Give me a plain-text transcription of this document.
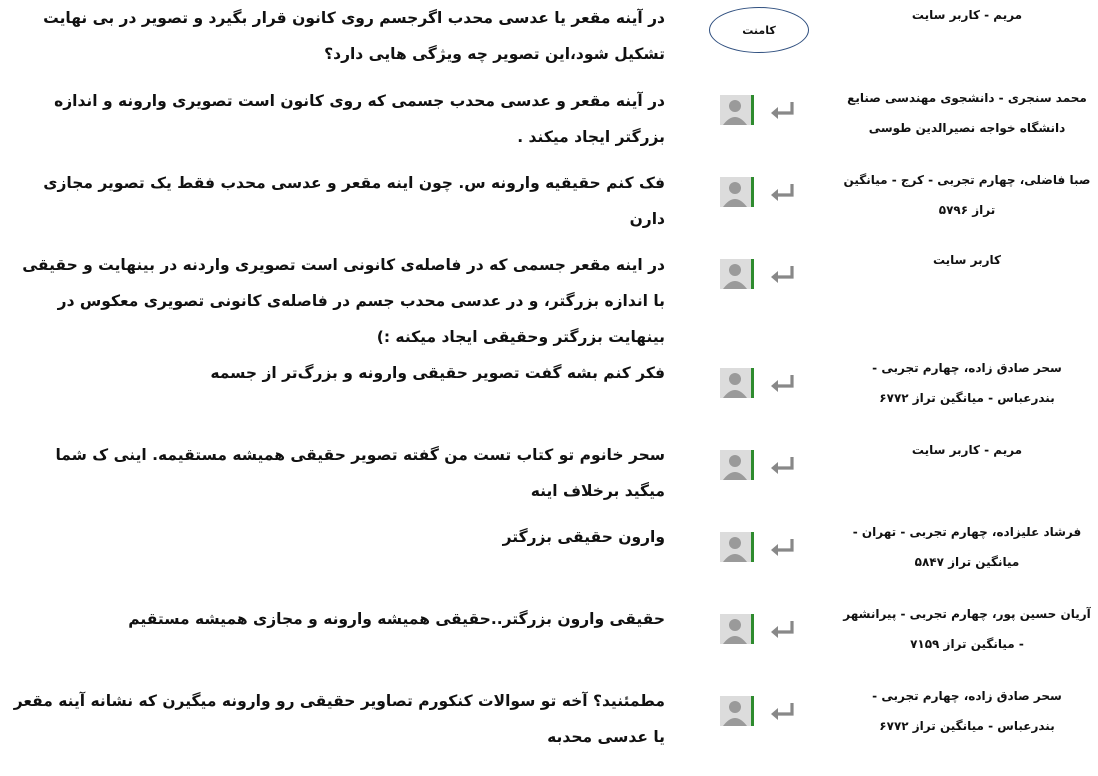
در آینه مقعر یا عدسی محدب اگرجسم روی کانون قرار بگیرد و تصویر در بی نهایت تشکیل شود،این تصویر چه ویژگی هایی دارد؟
کامنت
مریم - کاربر سایت
در آینه مقعر و عدسی محدب جسمی که روی کانون است تصویری وارونه و اندازه بزرگتر ایجاد میکند .
محمد سنجری - دانشجوی مهندسی صنایع دانشگاه خواجه نصیرالدین طوسی
فک کنم حقیقیه وارونه س. چون اینه مقعر و عدسی محدب فقط یک تصویر مجازی دارن
صبا فاضلی، چهارم تجربی - کرج - میانگین تراز ۵۷۹۶
در اینه مقعر جسمی که در فاصله‌ی کانونی است تصویری واردنه در بینهایت و حقیقی با اندازه بزرگتر، و در عدسی محدب جسم در فاصله‌ی کانونی تصویری معکوس در بینهایت بزرگتر وحقیقی ایجاد میکنه :)
کاربر سایت
فکر کنم بشه گفت تصویر حقیقی وارونه و بزرگ‌تر از جسمه	سحر صادق زاده، چهارم تجربی - بندرعباس - میانگین تراز ۶۷۷۲
سحر خانوم تو کتاب تست من گفته تصویر حقیقی همیشه مستقیمه. اینی ک شما میگید برخلاف اینه
مریم - کاربر سایت
وارون حقیقی بزرگتر	فرشاد علیزاده، چهارم تجربی - تهران - میانگین تراز ۵۸۴۷
حقیقی وارون بزرگتر..حقیقی همیشه وارونه و مجازی همیشه مستقیم	آریان حسین پور، چهارم تجربی - پیرانشهر - میانگین تراز ۷۱۵۹
مطمئنید؟ آخه تو سوالات کنکورم تصاویر حقیقی رو وارونه میگیرن که نشانه آینه مقعر یا عدسی محدبه
سحر صادق زاده، چهارم تجربی - بندرعباس - میانگین تراز ۶۷۷۲
